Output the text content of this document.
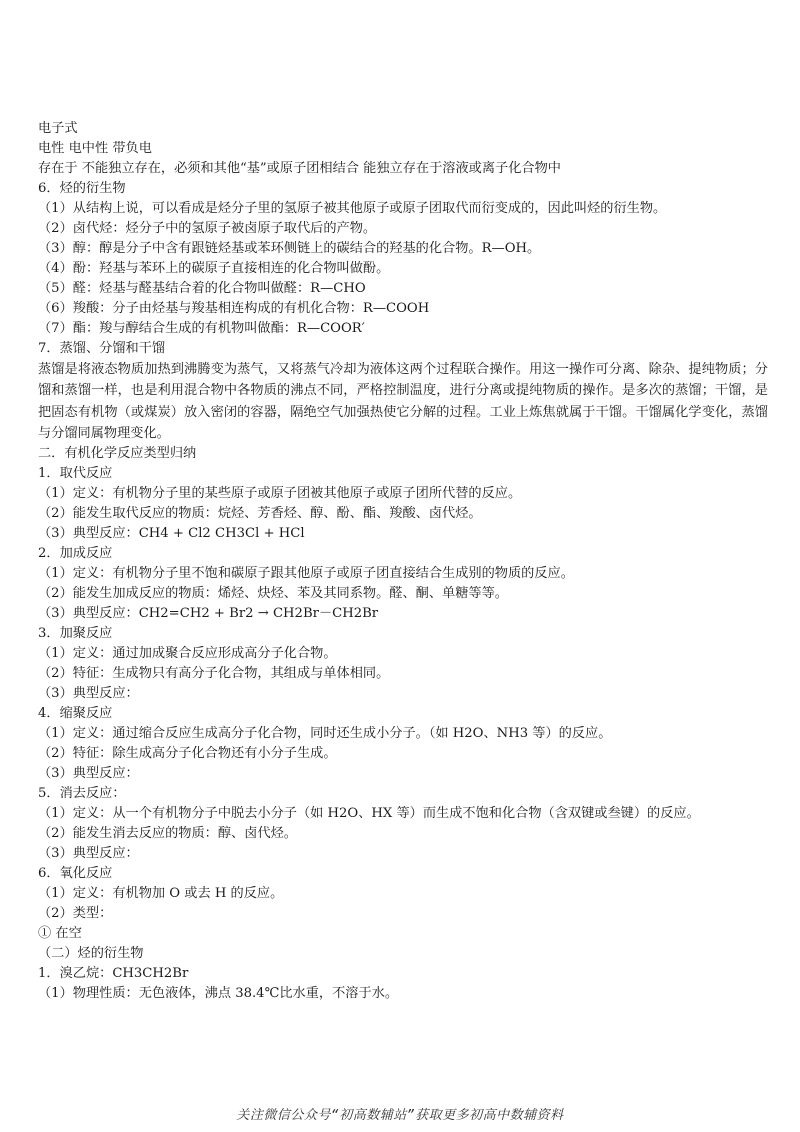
电子式
电性 电中性 带负电
存在于 不能独立存在，必须和其他“基”或原子团相结合 能独立存在于溶液或离子化合物中
6．烃的衍生物
（1）从结构上说，可以看成是烃分子里的氢原子被其他原子或原子团取代而衍变成的，因此叫烃的衍生物。
（2）卤代烃：烃分子中的氢原子被卤原子取代后的产物。
（3）醇：醇是分子中含有跟链烃基或苯环侧链上的碳结合的羟基的化合物。R—OH。
（4）酚：羟基与苯环上的碳原子直接相连的化合物叫做酚。
（5）醛：烃基与醛基结合着的化合物叫做醛：R—CHO
（6）羧酸：分子由烃基与羧基相连构成的有机化合物：R—COOH
（7）酯：羧与醇结合生成的有机物叫做酯：R—COOR′
7．蒸馏、分馏和干馏
蒸馏是将液态物质加热到沸腾变为蒸气，又将蒸气冷却为液体这两个过程联合操作。用这一操作可分离、除杂、提纯物质；分馏和蒸馏一样，也是利用混合物中各物质的沸点不同，严格控制温度，进行分离或提纯物质的操作。是多次的蒸馏；干馏，是把固态有机物（或煤炭）放入密闭的容器，隔绝空气加强热使它分解的过程。工业上炼焦就属于干馏。干馏属化学变化，蒸馏与分馏同属物理变化。
二．有机化学反应类型归纳
1．取代反应
（1）定义：有机物分子里的某些原子或原子团被其他原子或原子团所代替的反应。
（2）能发生取代反应的物质：烷烃、芳香烃、醇、酚、酯、羧酸、卤代烃。
（3）典型反应：CH4 + Cl2 CH3Cl + HCl
2．加成反应
（1）定义：有机物分子里不饱和碳原子跟其他原子或原子团直接结合生成别的物质的反应。
（2）能发生加成反应的物质：烯烃、炔烃、苯及其同系物。醛、酮、单糖等等。
（3）典型反应：CH2=CH2 + Br2 → CH2Br－CH2Br
3．加聚反应
（1）定义：通过加成聚合反应形成高分子化合物。
（2）特征：生成物只有高分子化合物，其组成与单体相同。
（3）典型反应：
4．缩聚反应
（1）定义：通过缩合反应生成高分子化合物，同时还生成小分子。（如 H2O、NH3 等）的反应。
（2）特征：除生成高分子化合物还有小分子生成。
（3）典型反应：
5．消去反应：
（1）定义：从一个有机物分子中脱去小分子（如 H2O、HX 等）而生成不饱和化合物（含双键或叁键）的反应。
（2）能发生消去反应的物质：醇、卤代烃。
（3）典型反应：
6．氧化反应
（1）定义：有机物加 O 或去 H 的反应。
（2）类型：
① 在空
（二）烃的衍生物
1．溴乙烷：CH3CH2Br
（1）物理性质：无色液体，沸点 38.4℃比水重，不溶于水。
关注微信公众号“初高数辅站”获取更多初高中数辅资料
